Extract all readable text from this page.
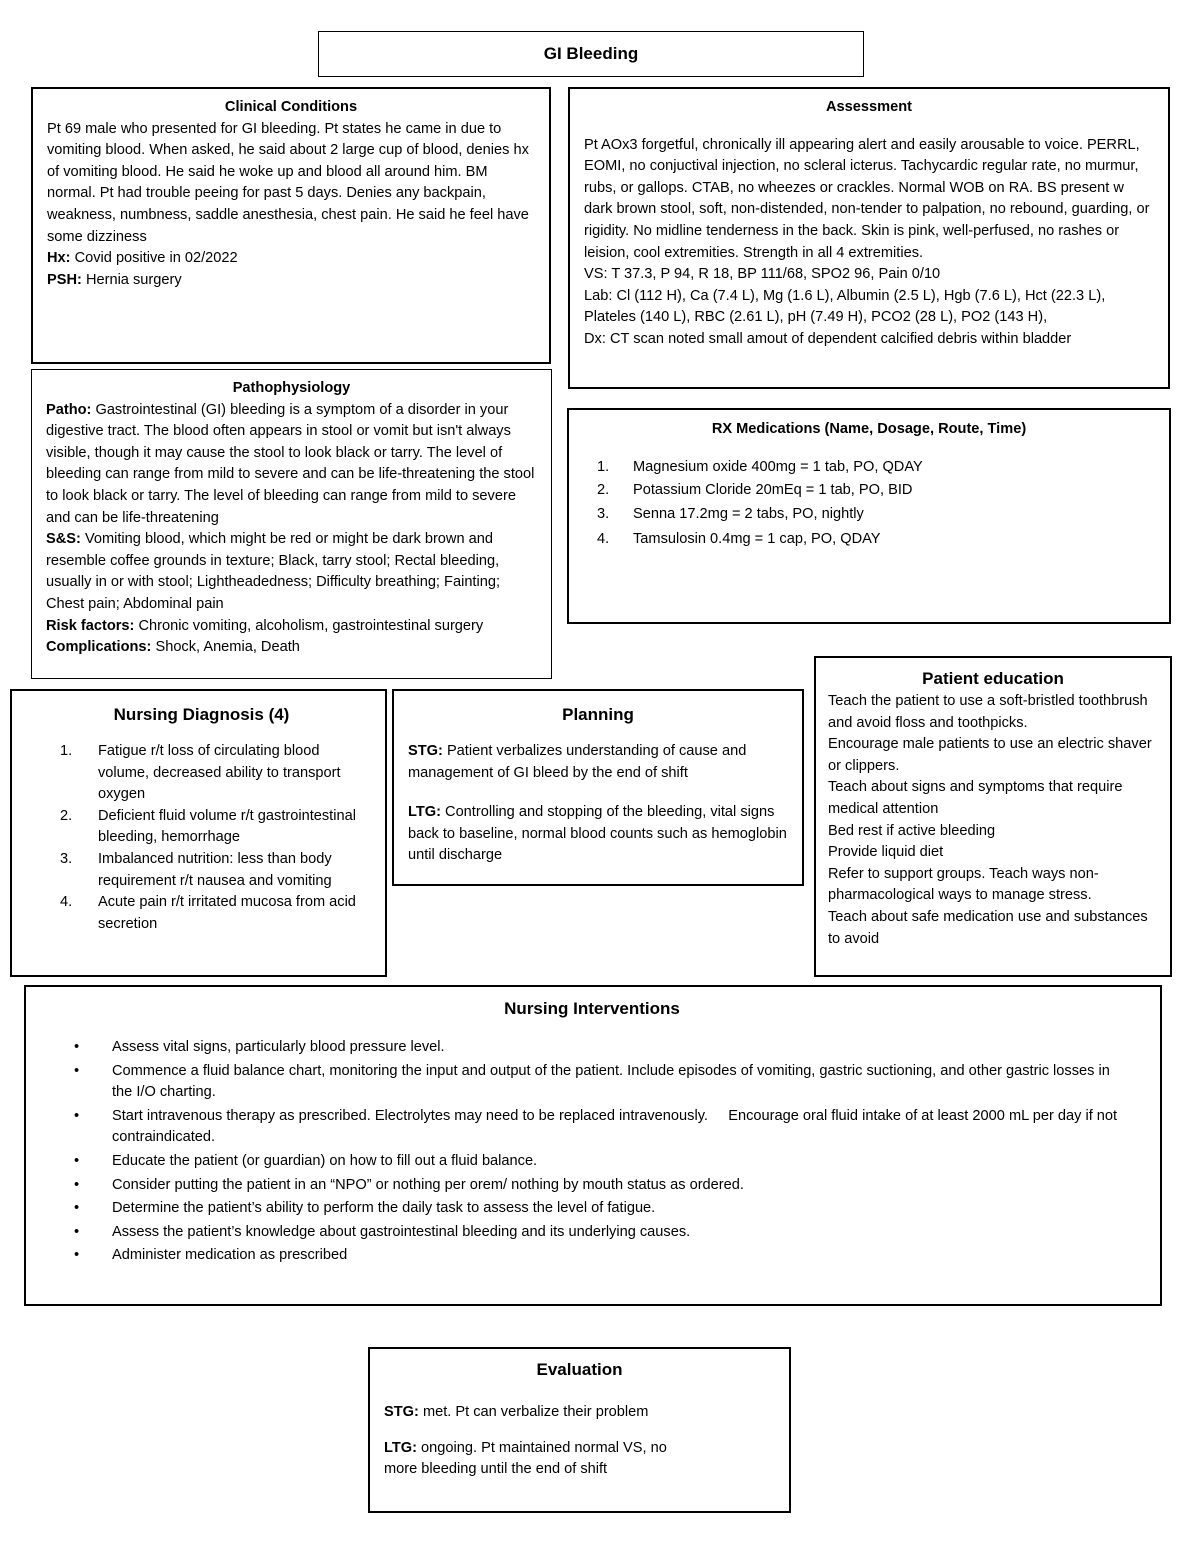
GI Bleeding
Clinical Conditions

Pt 69 male who presented for GI bleeding. Pt states he came in due to vomiting blood. When asked, he said about 2 large cup of blood, denies hx of vomiting blood. He said he woke up and blood all around him. BM normal. Pt had trouble peeing for past 5 days. Denies any backpain, weakness, numbness, saddle anesthesia, chest pain. He said he feel have some dizziness

Hx: Covid positive in 02/2022

PSH: Hernia surgery

Assessment

Pt AOx3 forgetful, chronically ill appearing alert and easily arousable to voice. PERRL, EOMI, no conjuctival injection, no scleral icterus. Tachycardic regular rate, no murmur, rubs, or gallops. CTAB, no wheezes or crackles. Normal WOB on RA. BS present w dark brown stool, soft, non-distended, non-tender to palpation, no rebound, guarding, or rigidity. No midline tenderness in the back. Skin is pink, well-perfused, no rashes or leision, cool extremities. Strength in all 4 extremities.

VS: T 37.3, P 94, R 18, BP 111/68, SPO2 96, Pain 0/10

Lab: Cl (112 H), Ca (7.4 L), Mg (1.6 L), Albumin (2.5 L), Hgb (7.6 L), Hct (22.3 L), Plateles (140 L), RBC (2.61 L), pH (7.49 H), PCO2 (28 L), PO2 (143 H),

Dx: CT scan noted small amout of dependent calcified debris within bladder

Pathophysiology

Patho: Gastrointestinal (GI) bleeding is a symptom of a disorder in your digestive tract. The blood often appears in stool or vomit but isn't always visible, though it may cause the stool to look black or tarry. The level of bleeding can range from mild to severe and can be life-threatening the stool to look black or tarry. The level of bleeding can range from mild to severe and can be life-threatening

S&S: Vomiting blood, which might be red or might be dark brown and resemble coffee grounds in texture; Black, tarry stool; Rectal bleeding, usually in or with stool; Lightheadedness; Difficulty breathing; Fainting; Chest pain; Abdominal pain

Risk factors: Chronic vomiting, alcoholism, gastrointestinal surgery

Complications: Shock, Anemia, Death

RX Medications (Name, Dosage, Route, Time)
1.	Magnesium oxide 400mg = 1 tab, PO, QDAY
2.	Potassium Cloride 20mEq = 1 tab, PO, BID
3.	Senna 17.2mg = 2 tabs, PO, nightly
4.	Tamsulosin 0.4mg = 1 cap, PO, QDAY
Nursing Diagnosis (4)
1.	Fatigue r/t loss of circulating blood volume, decreased ability to transport oxygen
2.	Deficient fluid volume r/t gastrointestinal bleeding, hemorrhage
3.	Imbalanced nutrition: less than body requirement r/t nausea and vomiting
4.	Acute pain r/t irritated mucosa from acid secretion
Planning

STG: Patient verbalizes understanding of cause and management of GI bleed by the end of shift

LTG: Controlling and stopping of the bleeding, vital signs back to baseline, normal blood counts such as hemoglobin until discharge

Patient education

Teach the patient to use a soft-bristled toothbrush and avoid floss and toothpicks.

Encourage male patients to use an electric shaver or clippers.

Teach about signs and symptoms that require medical attention

Bed rest if active bleeding

Provide liquid diet

Refer to support groups. Teach ways non-pharmacological ways to manage stress.

Teach about safe medication use and substances to avoid

Nursing Interventions
•	Assess vital signs, particularly blood pressure level.
•	Commence a fluid balance chart, monitoring the input and output of the patient. Include episodes of vomiting, gastric suctioning, and other gastric losses in the I/O charting.
•	Start intravenous therapy as prescribed. Electrolytes may need to be replaced intravenously.     Encourage oral fluid intake of at least 2000 mL per day if not contraindicated.
•	Educate the patient (or guardian) on how to fill out a fluid balance.
•	Consider putting the patient in an “NPO” or nothing per orem/ nothing by mouth status as ordered.
•	Determine the patient’s ability to perform the daily task to assess the level of fatigue.
•	Assess the patient’s knowledge about gastrointestinal bleeding and its underlying causes.
•	Administer medication as prescribed
Evaluation

STG: met. Pt can verbalize their problem

LTG: ongoing. Pt maintained normal VS, no more bleeding until the end of shift
